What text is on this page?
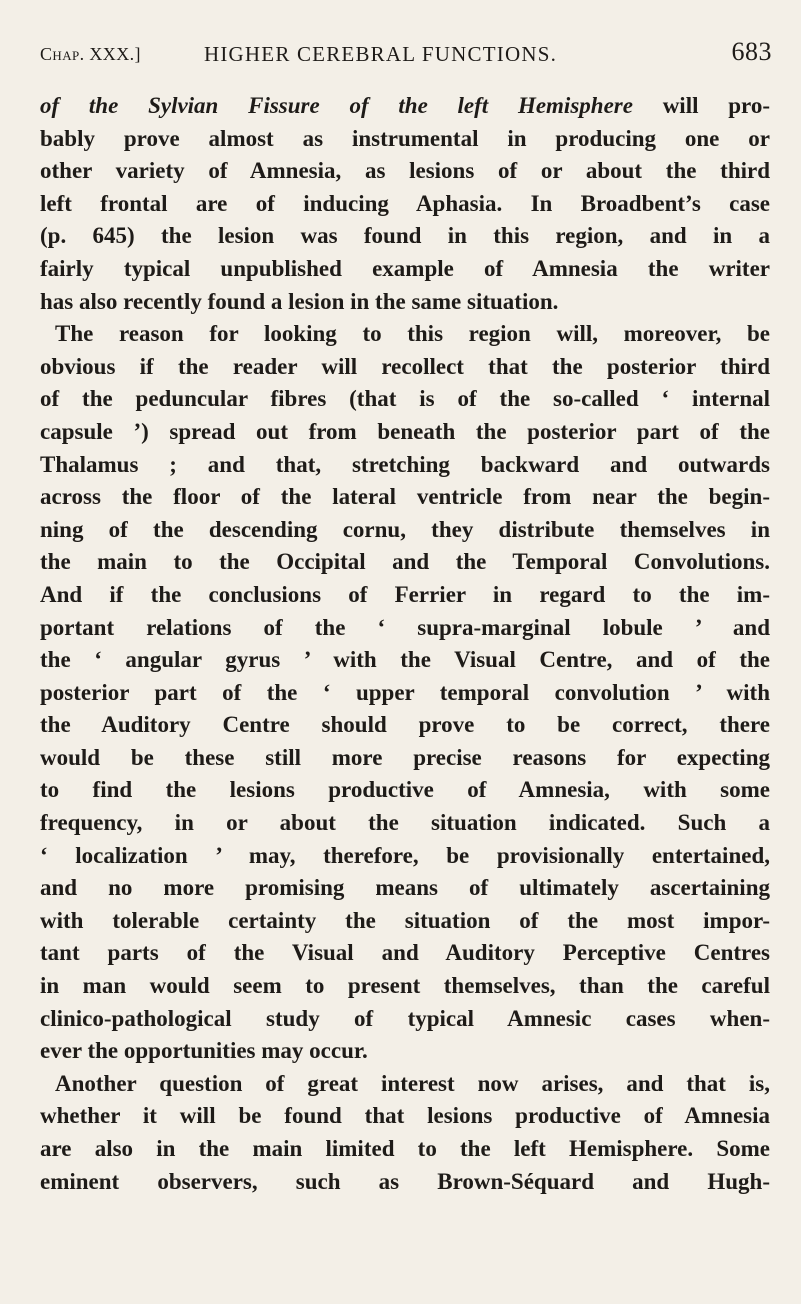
Chap. XXX.]	HIGHER CEREBRAL FUNCTIONS.	683
of the Sylvian Fissure of the left Hemisphere will pro-
bably prove almost as instrumental in producing one or
other variety of Amnesia, as lesions of or about the third
left frontal are of inducing Aphasia. In Broadbent’s case
(p. 645) the lesion was found in this region, and in a
fairly typical unpublished example of Amnesia the writer
has also recently found a lesion in the same situation.
The reason for looking to this region will, moreover, be
obvious if the reader will recollect that the posterior third
of the peduncular fibres (that is of the so-called ‘ internal
capsule ’) spread out from beneath the posterior part of the
Thalamus ; and that, stretching backward and outwards
across the floor of the lateral ventricle from near the begin-
ning of the descending cornu, they distribute themselves in
the main to the Occipital and the Temporal Convolutions.
And if the conclusions of Ferrier in regard to the im-
portant relations of the ‘ supra-marginal lobule ’ and
the ‘ angular gyrus ’ with the Visual Centre, and of the
posterior part of the ‘ upper temporal convolution ’ with
the Auditory Centre should prove to be correct, there
would be these still more precise reasons for expecting
to find the lesions productive of Amnesia, with some
frequency, in or about the situation indicated. Such a
‘ localization ’ may, therefore, be provisionally entertained,
and no more promising means of ultimately ascertaining
with tolerable certainty the situation of the most impor-
tant parts of the Visual and Auditory Perceptive Centres
in man would seem to present themselves, than the careful
clinico-pathological study of typical Amnesic cases when-
ever the opportunities may occur.
Another question of great interest now arises, and that is,
whether it will be found that lesions productive of Amnesia
are also in the main limited to the left Hemisphere. Some
eminent observers, such as Brown-Séquard and Hugh-
